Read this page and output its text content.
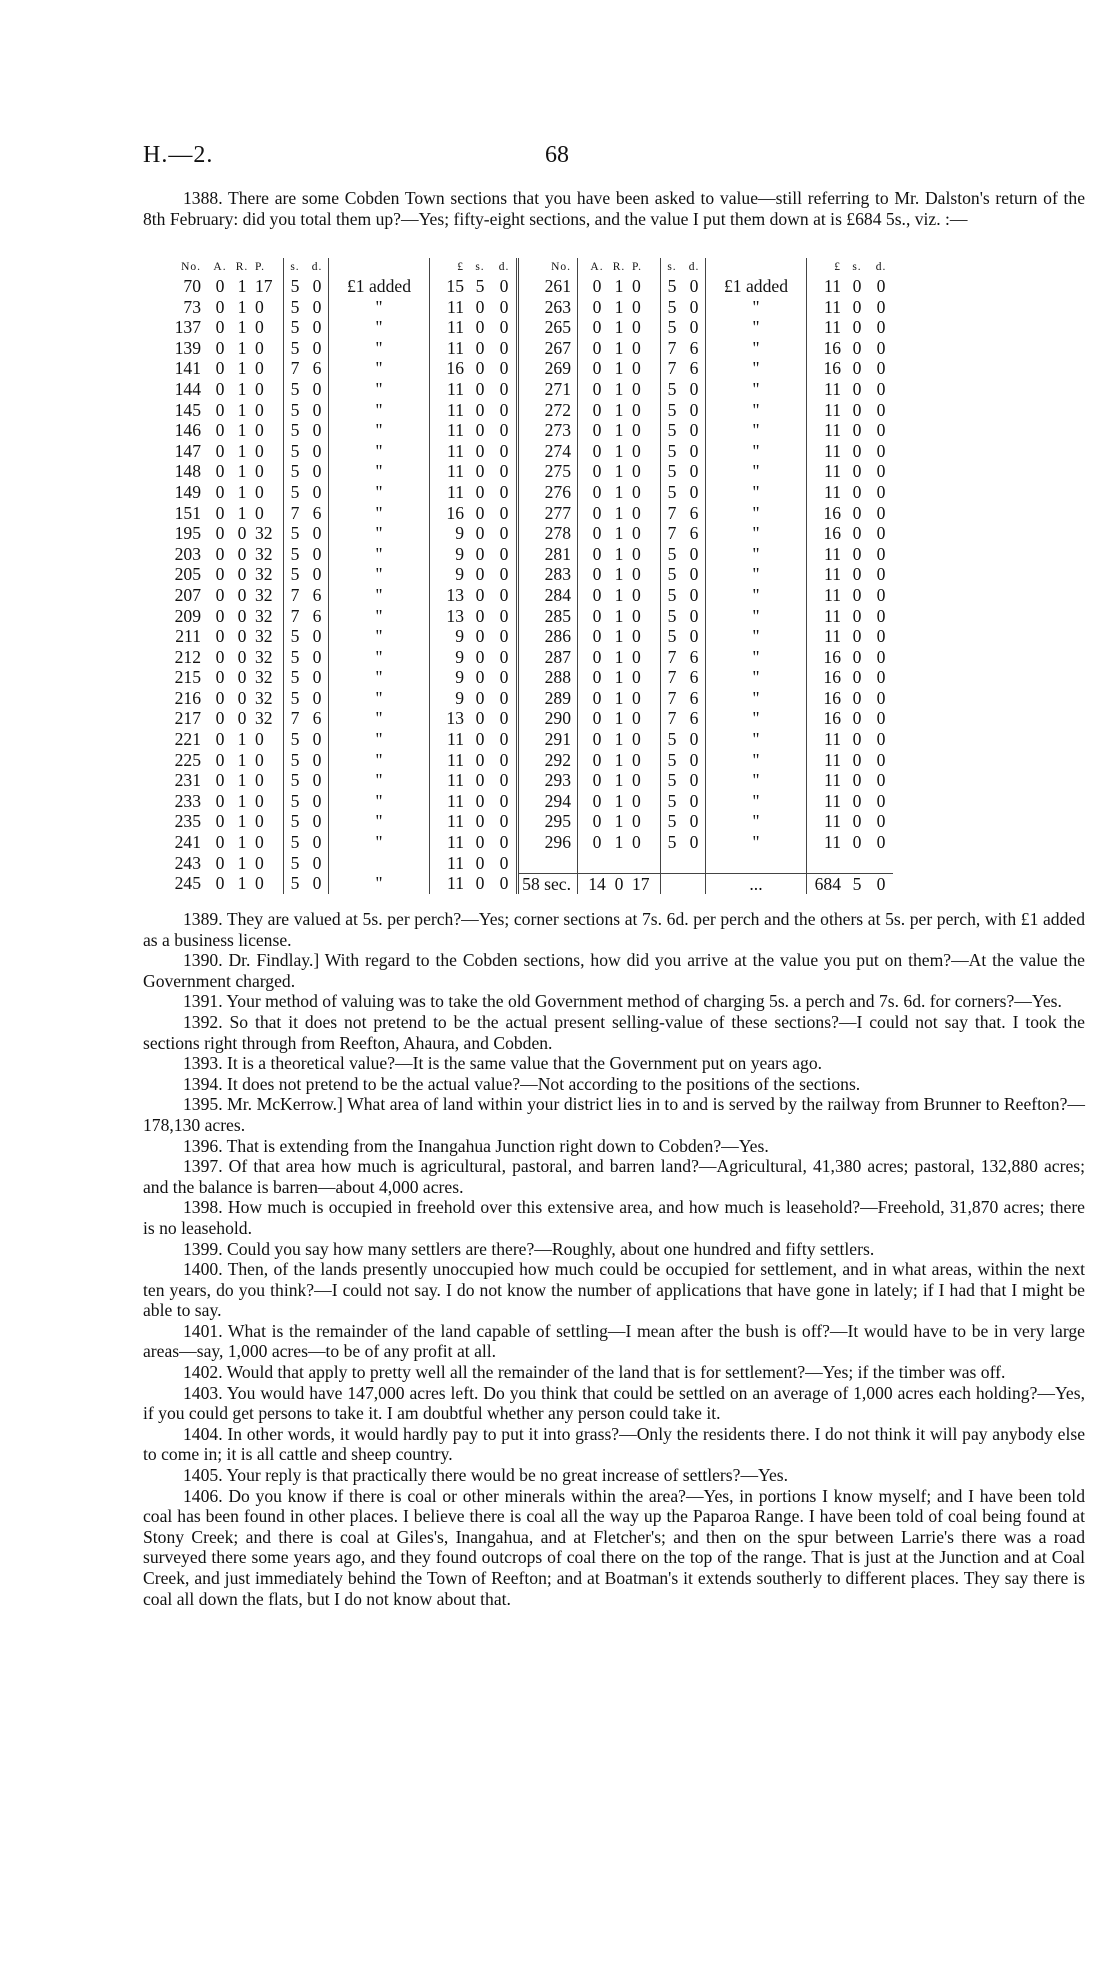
H.—2.	68

1388. There are some Cobden Town sections that you have been asked to value—still referring to Mr. Dalston's return of the 8th February: did you total them up?—Yes; fifty-eight sections, and the value I put them down at is £684 5s., viz. :—

No.	A.	R.	P.	s.	d.		£	s.	d.	No.	A.	R.	P.	s.	d.		£	s.	d.
70	0	1	17	5	0	£1 added	15	5	0	261	0	1	0	5	0	£1 added	11	0	0
73	0	1	0	5	0	"	11	0	0	263	0	1	0	5	0	"	11	0	0
137	0	1	0	5	0	"	11	0	0	265	0	1	0	5	0	"	11	0	0
139	0	1	0	5	0	"	11	0	0	267	0	1	0	7	6	"	16	0	0
141	0	1	0	7	6	"	16	0	0	269	0	1	0	7	6	"	16	0	0
144	0	1	0	5	0	"	11	0	0	271	0	1	0	5	0	"	11	0	0
145	0	1	0	5	0	"	11	0	0	272	0	1	0	5	0	"	11	0	0
146	0	1	0	5	0	"	11	0	0	273	0	1	0	5	0	"	11	0	0
147	0	1	0	5	0	"	11	0	0	274	0	1	0	5	0	"	11	0	0
148	0	1	0	5	0	"	11	0	0	275	0	1	0	5	0	"	11	0	0
149	0	1	0	5	0	"	11	0	0	276	0	1	0	5	0	"	11	0	0
151	0	1	0	7	6	"	16	0	0	277	0	1	0	7	6	"	16	0	0
195	0	0	32	5	0	"	9	0	0	278	0	1	0	7	6	"	16	0	0
203	0	0	32	5	0	"	9	0	0	281	0	1	0	5	0	"	11	0	0
205	0	0	32	5	0	"	9	0	0	283	0	1	0	5	0	"	11	0	0
207	0	0	32	7	6	"	13	0	0	284	0	1	0	5	0	"	11	0	0
209	0	0	32	7	6	"	13	0	0	285	0	1	0	5	0	"	11	0	0
211	0	0	32	5	0	"	9	0	0	286	0	1	0	5	0	"	11	0	0
212	0	0	32	5	0	"	9	0	0	287	0	1	0	7	6	"	16	0	0
215	0	0	32	5	0	"	9	0	0	288	0	1	0	7	6	"	16	0	0
216	0	0	32	5	0	"	9	0	0	289	0	1	0	7	6	"	16	0	0
217	0	0	32	7	6	"	13	0	0	290	0	1	0	7	6	"	16	0	0
221	0	1	0	5	0	"	11	0	0	291	0	1	0	5	0	"	11	0	0
225	0	1	0	5	0	"	11	0	0	292	0	1	0	5	0	"	11	0	0
231	0	1	0	5	0	"	11	0	0	293	0	1	0	5	0	"	11	0	0
233	0	1	0	5	0	"	11	0	0	294	0	1	0	5	0	"	11	0	0
235	0	1	0	5	0	"	11	0	0	295	0	1	0	5	0	"	11	0	0
241	0	1	0	5	0	"	11	0	0	296	0	1	0	5	0	"	11	0	0
243	0	1	0	5	0		11	0	0										
245	0	1	0	5	0	"	11	0	0	58 sec.	14	0	17			...	684	5	0

1389. They are valued at 5s. per perch?—Yes; corner sections at 7s. 6d. per perch and the others at 5s. per perch, with £1 added as a business license.

1390. Dr. Findlay.] With regard to the Cobden sections, how did you arrive at the value you put on them?—At the value the Government charged.

1391. Your method of valuing was to take the old Government method of charging 5s. a perch and 7s. 6d. for corners?—Yes.

1392. So that it does not pretend to be the actual present selling-value of these sections?—I could not say that. I took the sections right through from Reefton, Ahaura, and Cobden.

1393. It is a theoretical value?—It is the same value that the Government put on years ago.

1394. It does not pretend to be the actual value?—Not according to the positions of the sections.

1395. Mr. McKerrow.] What area of land within your district lies in to and is served by the railway from Brunner to Reefton?—178,130 acres.

1396. That is extending from the Inangahua Junction right down to Cobden?—Yes.

1397. Of that area how much is agricultural, pastoral, and barren land?—Agricultural, 41,380 acres; pastoral, 132,880 acres; and the balance is barren—about 4,000 acres.

1398. How much is occupied in freehold over this extensive area, and how much is leasehold?—Freehold, 31,870 acres; there is no leasehold.

1399. Could you say how many settlers are there?—Roughly, about one hundred and fifty settlers.

1400. Then, of the lands presently unoccupied how much could be occupied for settlement, and in what areas, within the next ten years, do you think?—I could not say. I do not know the number of applications that have gone in lately; if I had that I might be able to say.

1401. What is the remainder of the land capable of settling—I mean after the bush is off?—It would have to be in very large areas—say, 1,000 acres—to be of any profit at all.

1402. Would that apply to pretty well all the remainder of the land that is for settlement?—Yes; if the timber was off.

1403. You would have 147,000 acres left. Do you think that could be settled on an average of 1,000 acres each holding?—Yes, if you could get persons to take it. I am doubtful whether any person could take it.

1404. In other words, it would hardly pay to put it into grass?—Only the residents there. I do not think it will pay anybody else to come in; it is all cattle and sheep country.

1405. Your reply is that practically there would be no great increase of settlers?—Yes.

1406. Do you know if there is coal or other minerals within the area?—Yes, in portions I know myself; and I have been told coal has been found in other places. I believe there is coal all the way up the Paparoa Range. I have been told of coal being found at Stony Creek; and there is coal at Giles's, Inangahua, and at Fletcher's; and then on the spur between Larrie's there was a road surveyed there some years ago, and they found outcrops of coal there on the top of the range. That is just at the Junction and at Coal Creek, and just immediately behind the Town of Reefton; and at Boatman's it extends southerly to different places. They say there is coal all down the flats, but I do not know about that.
